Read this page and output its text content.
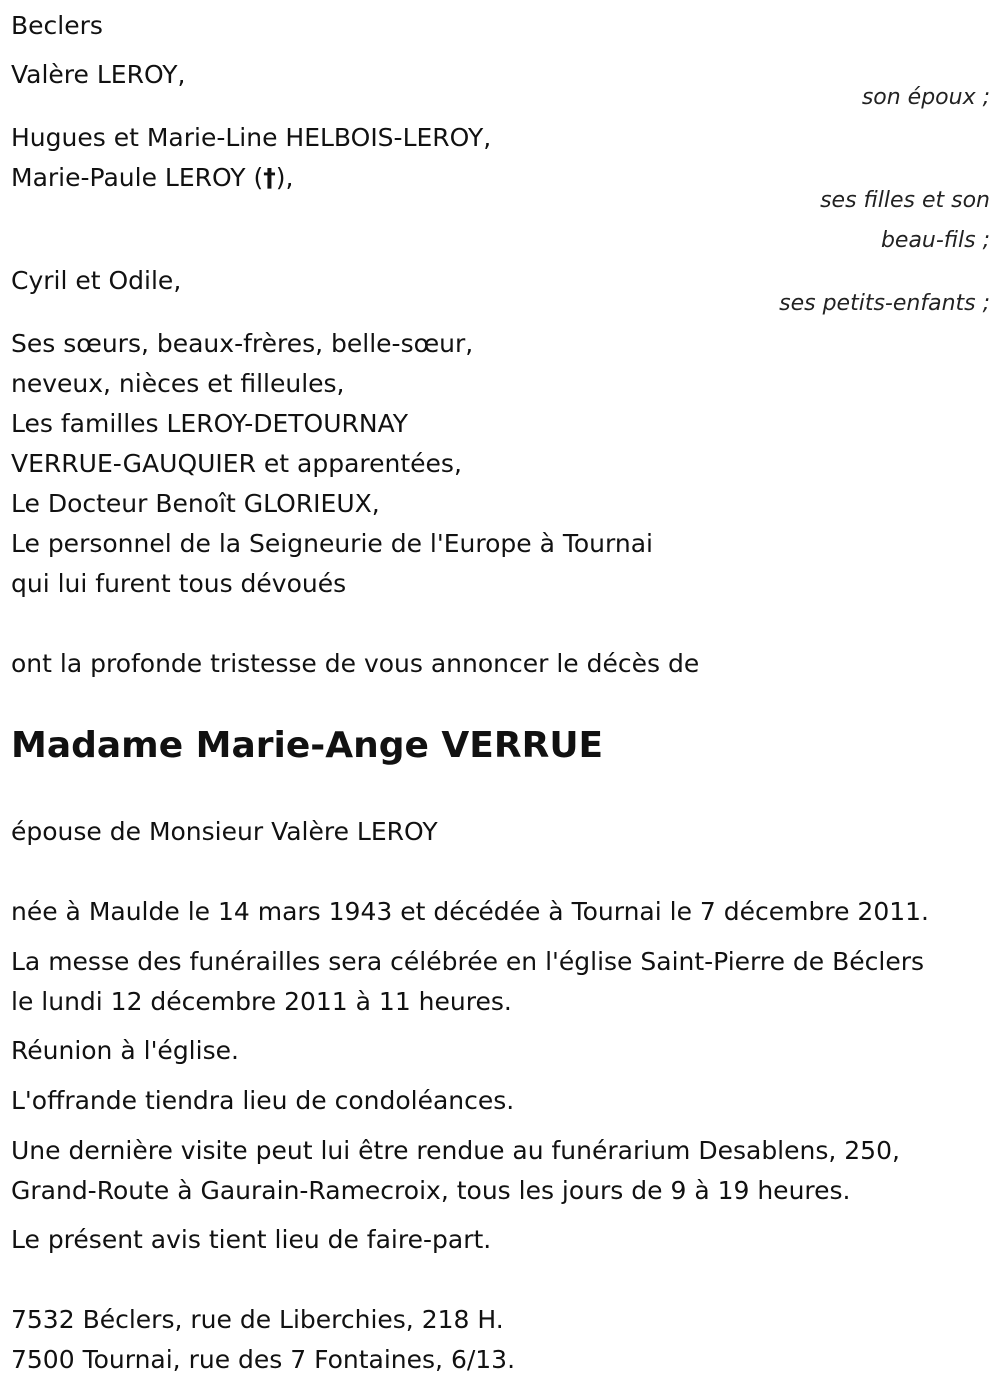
Beclers

Valère LEROY,

son époux ;

Hugues et Marie-Line HELBOIS-LEROY,

Marie-Paule LEROY (†),

ses filles et son

beau-fils ;

Cyril et Odile,

ses petits-enfants ;

Ses sœurs, beaux-frères, belle-sœur,

neveux, nièces et filleules,

Les familles LEROY-DETOURNAY

VERRUE-GAUQUIER et apparentées,

Le Docteur Benoît GLORIEUX,

Le personnel de la Seigneurie de l'Europe à Tournai

qui lui furent tous dévoués

ont la profonde tristesse de vous annoncer le décès de

Madame Marie-Ange VERRUE

épouse de Monsieur Valère LEROY

née à Maulde le 14 mars 1943 et décédée à Tournai le 7 décembre 2011.

La messe des funérailles sera célébrée en l'église Saint-Pierre de Béclers

le lundi 12 décembre 2011 à 11 heures.

Réunion à l'église.

L'offrande tiendra lieu de condoléances.

Une dernière visite peut lui être rendue au funérarium Desablens, 250,

Grand-Route à Gaurain-Ramecroix, tous les jours de 9 à 19 heures.

Le présent avis tient lieu de faire-part.

7532 Béclers, rue de Liberchies, 218 H.

7500 Tournai, rue des 7 Fontaines, 6/13.
